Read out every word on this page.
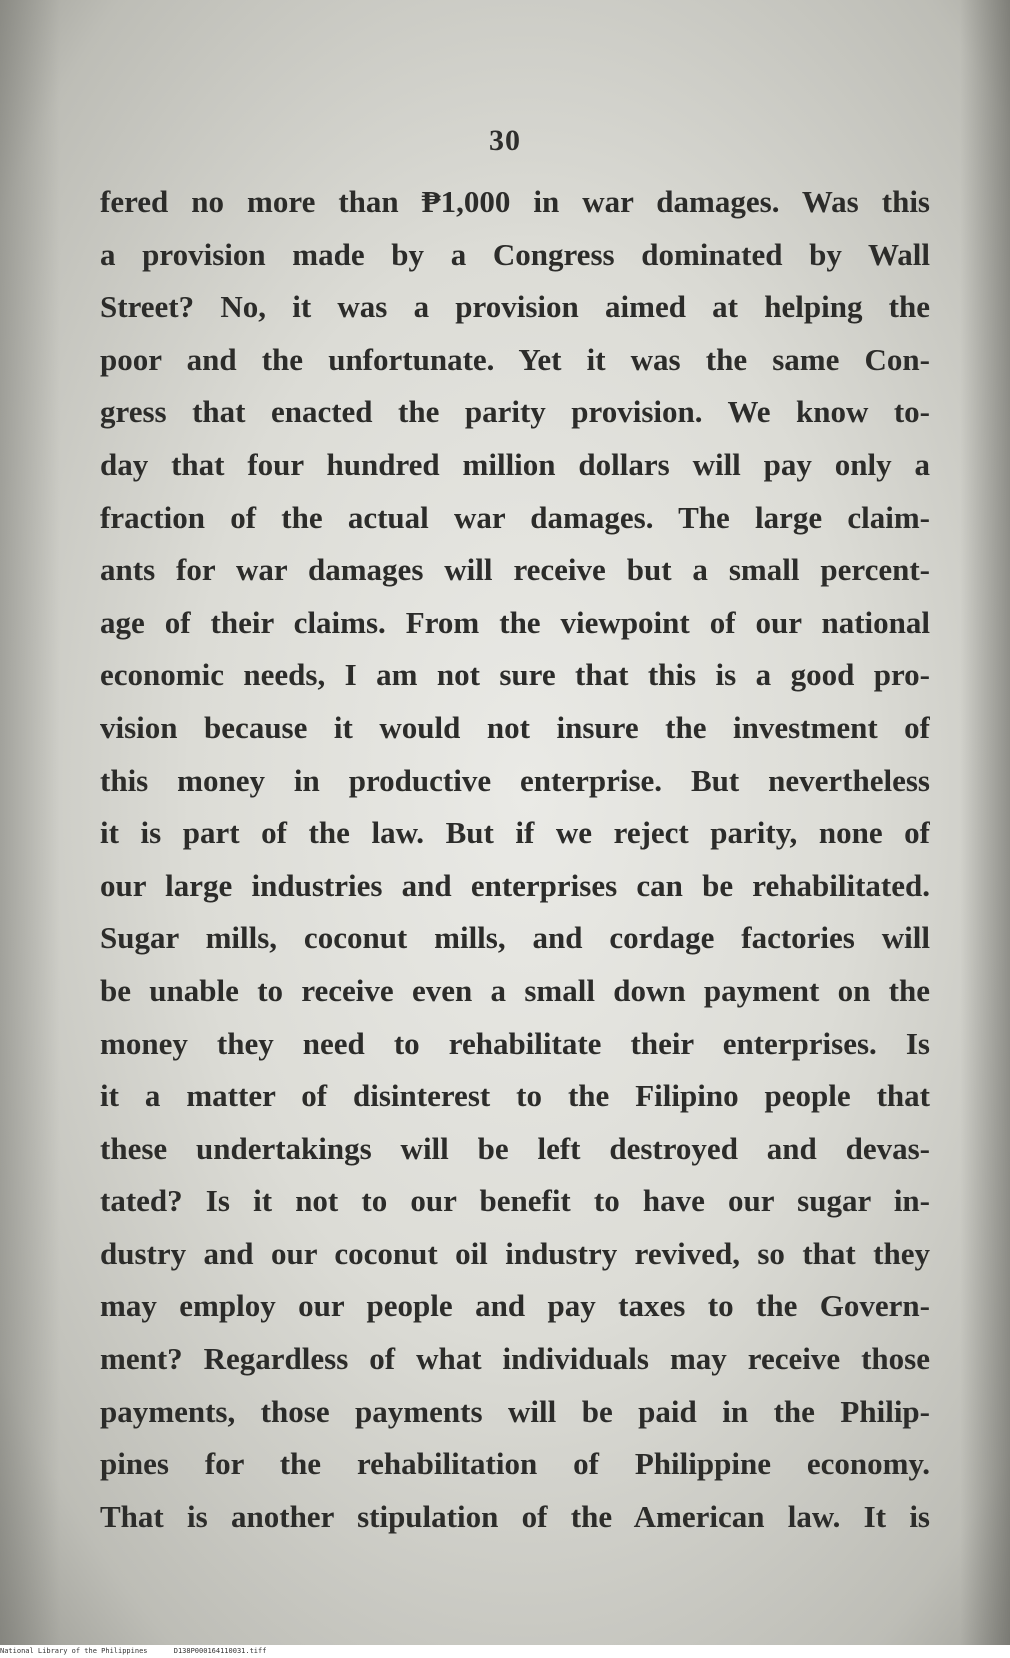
30
fered no more than ₱1,000 in war damages. Was this
a provision made by a Congress dominated by Wall
Street? No, it was a provision aimed at helping the
poor and the unfortunate. Yet it was the same Con-
gress that enacted the parity provision. We know to-
day that four hundred million dollars will pay only a
fraction of the actual war damages. The large claim-
ants for war damages will receive but a small percent-
age of their claims. From the viewpoint of our national
economic needs, I am not sure that this is a good pro-
vision because it would not insure the investment of
this money in productive enterprise. But nevertheless
it is part of the law. But if we reject parity, none of
our large industries and enterprises can be rehabilitated.
Sugar mills, coconut mills, and cordage factories will
be unable to receive even a small down payment on the
money they need to rehabilitate their enterprises. Is
it a matter of disinterest to the Filipino people that
these undertakings will be left destroyed and devas-
tated? Is it not to our benefit to have our sugar in-
dustry and our coconut oil industry revived, so that they
may employ our people and pay taxes to the Govern-
ment? Regardless of what individuals may receive those
payments, those payments will be paid in the Philip-
pines for the rehabilitation of Philippine economy.
That is another stipulation of the American law. It is
National Library of the Philippines	D138P000164110031.tiff
